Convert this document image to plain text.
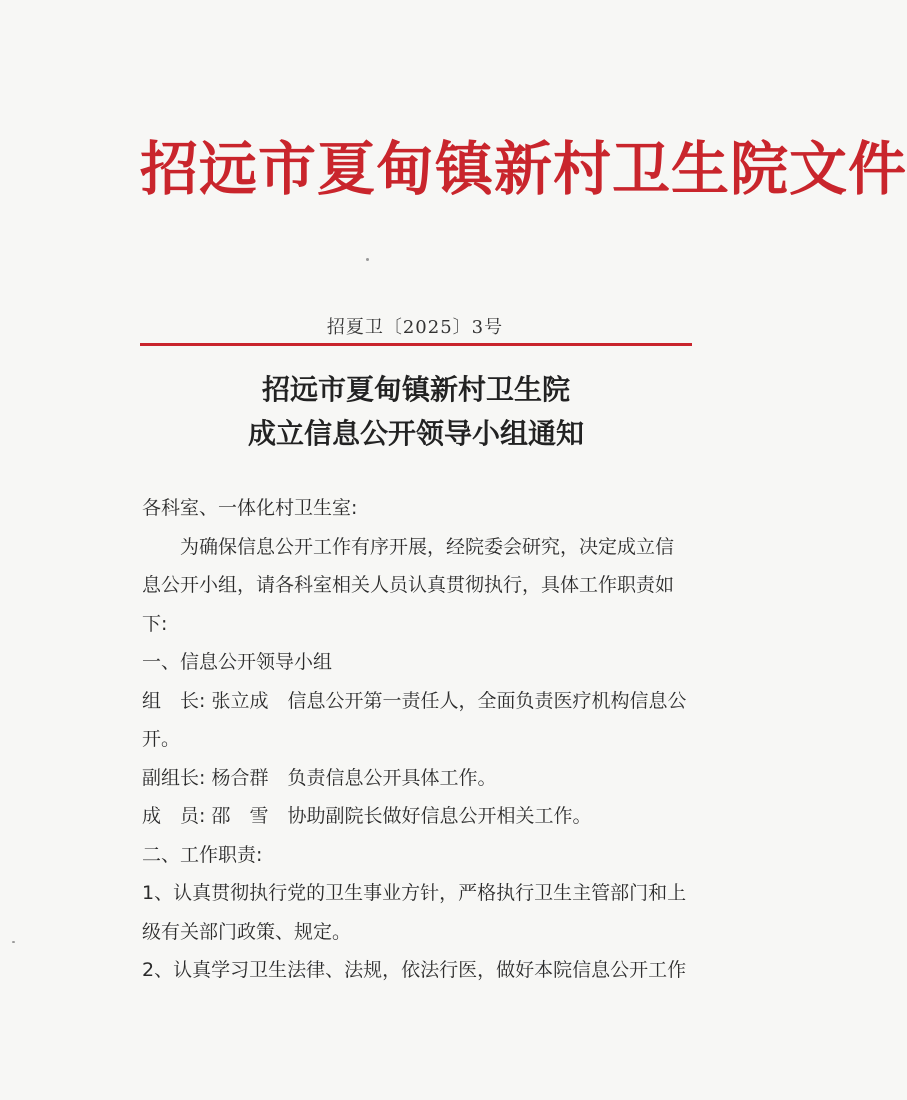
招远市夏甸镇新村卫生院文件
招夏卫〔2025〕3号
招远市夏甸镇新村卫生院
成立信息公开领导小组通知

各科室、一体化村卫生室:

为确保信息公开工作有序开展，经院委会研究，决定成立信息公开小组，请各科室相关人员认真贯彻执行，具体工作职责如下:

一、信息公开领导小组

组　长: 张立成　信息公开第一责任人，全面负责医疗机构信息公开。

副组长: 杨合群　负责信息公开具体工作。

成　员: 邵　雪　协助副院长做好信息公开相关工作。

二、工作职责:

1、认真贯彻执行党的卫生事业方针，严格执行卫生主管部门和上级有关部门政策、规定。

2、认真学习卫生法律、法规，依法行医，做好本院信息公开工作
